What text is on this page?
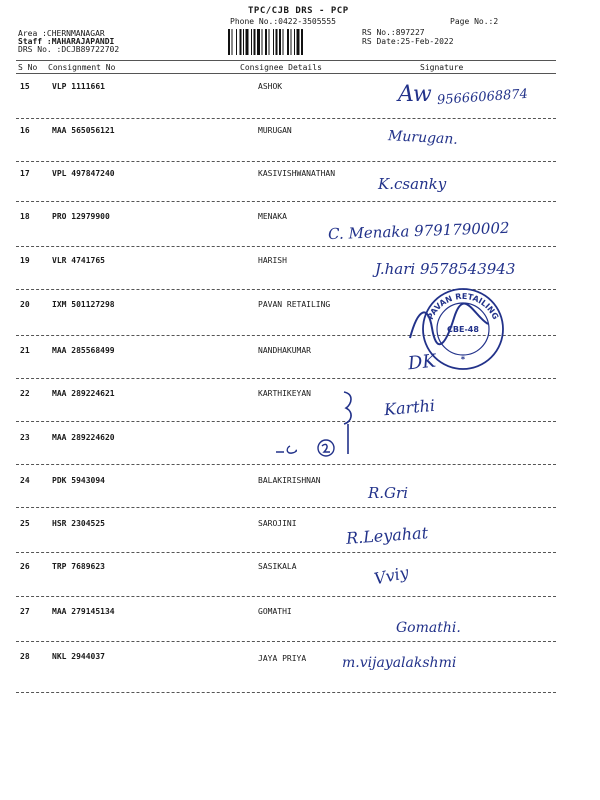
TPC/CJB DRS - PCP
Phone No.:0422-3505555	Page No.:2
RS No.:897227
RS Date:25-Feb-2022
Area :CHERNMANAGAR
Staff :MAHARAJAPANDI
DRS No. :DCJB89722702
S No Consignment No	Consignee Details	Signature
15	VLP 1111661	ASHOK	Aw 95666068874
16	MAA 565056121	MURUGAN	Murugan.
17	VPL 497847240	KASIVISHWANATHAN
K.csanky
18	PRO 12979900	MENAKA
C. Menaka 9791790002
19	VLR 4741765	HARISH	J.hari 9578543943
20	IXM 501127298	PAVAN RETAILING
PAVAN RETAILING
CBE-48
*
21	MAA 285568499	NANDHAKUMAR
DK
22	MAA 289224621	KARTHIKEYAN
Karthi
23	MAA 289224620
24	PDK 5943094	BALAKIRISHNAN
R.Gri
25	HSR 2304525	SAROJINI	R.Leyahat
26	TRP 7689623	SASIKALA	Vviy
27	MAA 279145134	GOMATHI
Gomathi.
28	NKL 2944037	JAYA PRIYA	m.vijayalakshmi
